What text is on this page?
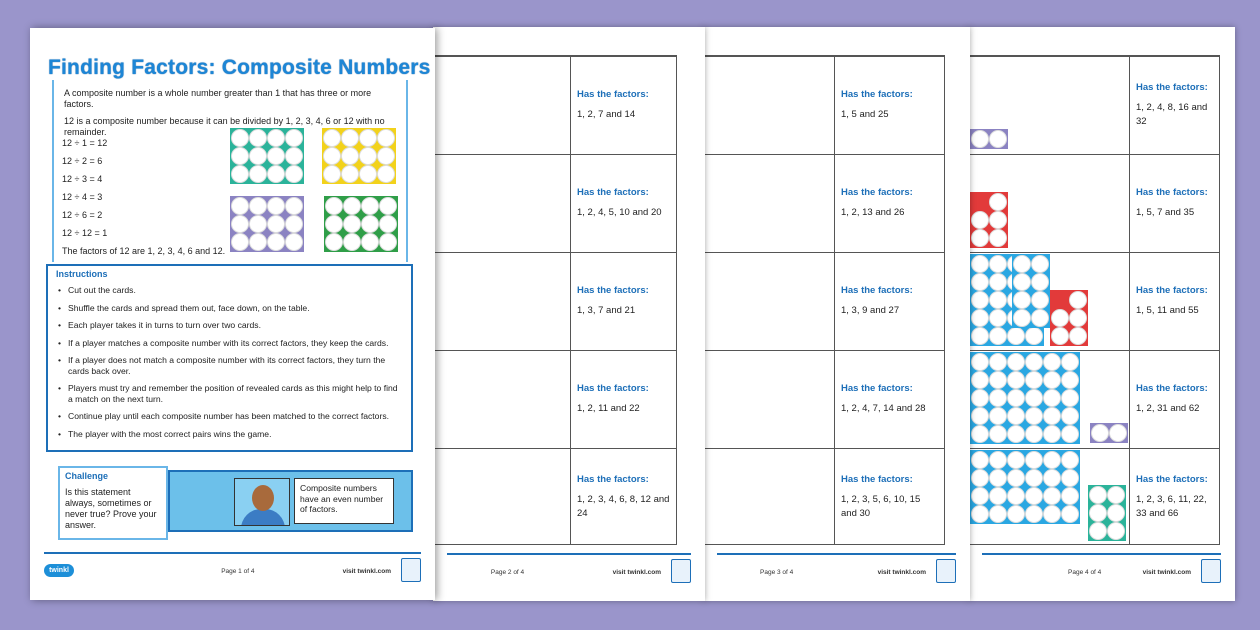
Has the factors:
1, 2, 4, 8, 16 and 32
Has the factors:
1, 5, 7 and 35
Has the factors:
1, 5, 11 and 55
Has the factors:
1, 2, 31 and 62
Has the factors:
1, 2, 3, 6, 11, 22, 33 and 66
Page 4 of 4	visit twinkl.com
Has the factors:
1, 5 and 25
Has the factors:
1, 2, 13 and 26
Has the factors:
1, 3, 9 and 27
Has the factors:
1, 2, 4, 7, 14 and 28
Has the factors:
1, 2, 3, 5, 6, 10, 15 and 30
Page 3 of 4	visit twinkl.com
Has the factors:
1, 2, 7 and 14
Has the factors:
1, 2, 4, 5, 10 and 20
Has the factors:
1, 3, 7 and 21
Has the factors:
1, 2, 11 and 22
Has the factors:
1, 2, 3, 4, 6, 8, 12 and 24
Page 2 of 4	visit twinkl.com
Finding Factors: Composite Numbers

A composite number is a whole number greater than 1 that has three or more factors.

12 is a composite number because it can be divided by 1, 2, 3, 4, 6 or 12 with no remainder.

12 ÷ 1 = 12
12 ÷ 2 = 6
12 ÷ 3 = 4
12 ÷ 4 = 3
12 ÷ 6 = 2
12 ÷ 12 = 1
The factors of 12 are 1, 2, 3, 4, 6 and 12.
Instructions
• Cut out the cards.
• Shuffle the cards and spread them out, face down, on the table.
• Each player takes it in turns to turn over two cards.
• If a player matches a composite number with its correct factors, they keep the cards.
• If a player does not match a composite number with its correct factors, they turn the cards back over.
• Players must try and remember the position of revealed cards as this might help to find a match on the next turn.
• Continue play until each composite number has been matched to the correct factors.
• The player with the most correct pairs wins the game.
Composite numbers have an even number of factors.
Challenge

Is this statement always, sometimes or never true? Prove your answer.

twinkl	Page 1 of 4	visit twinkl.com
